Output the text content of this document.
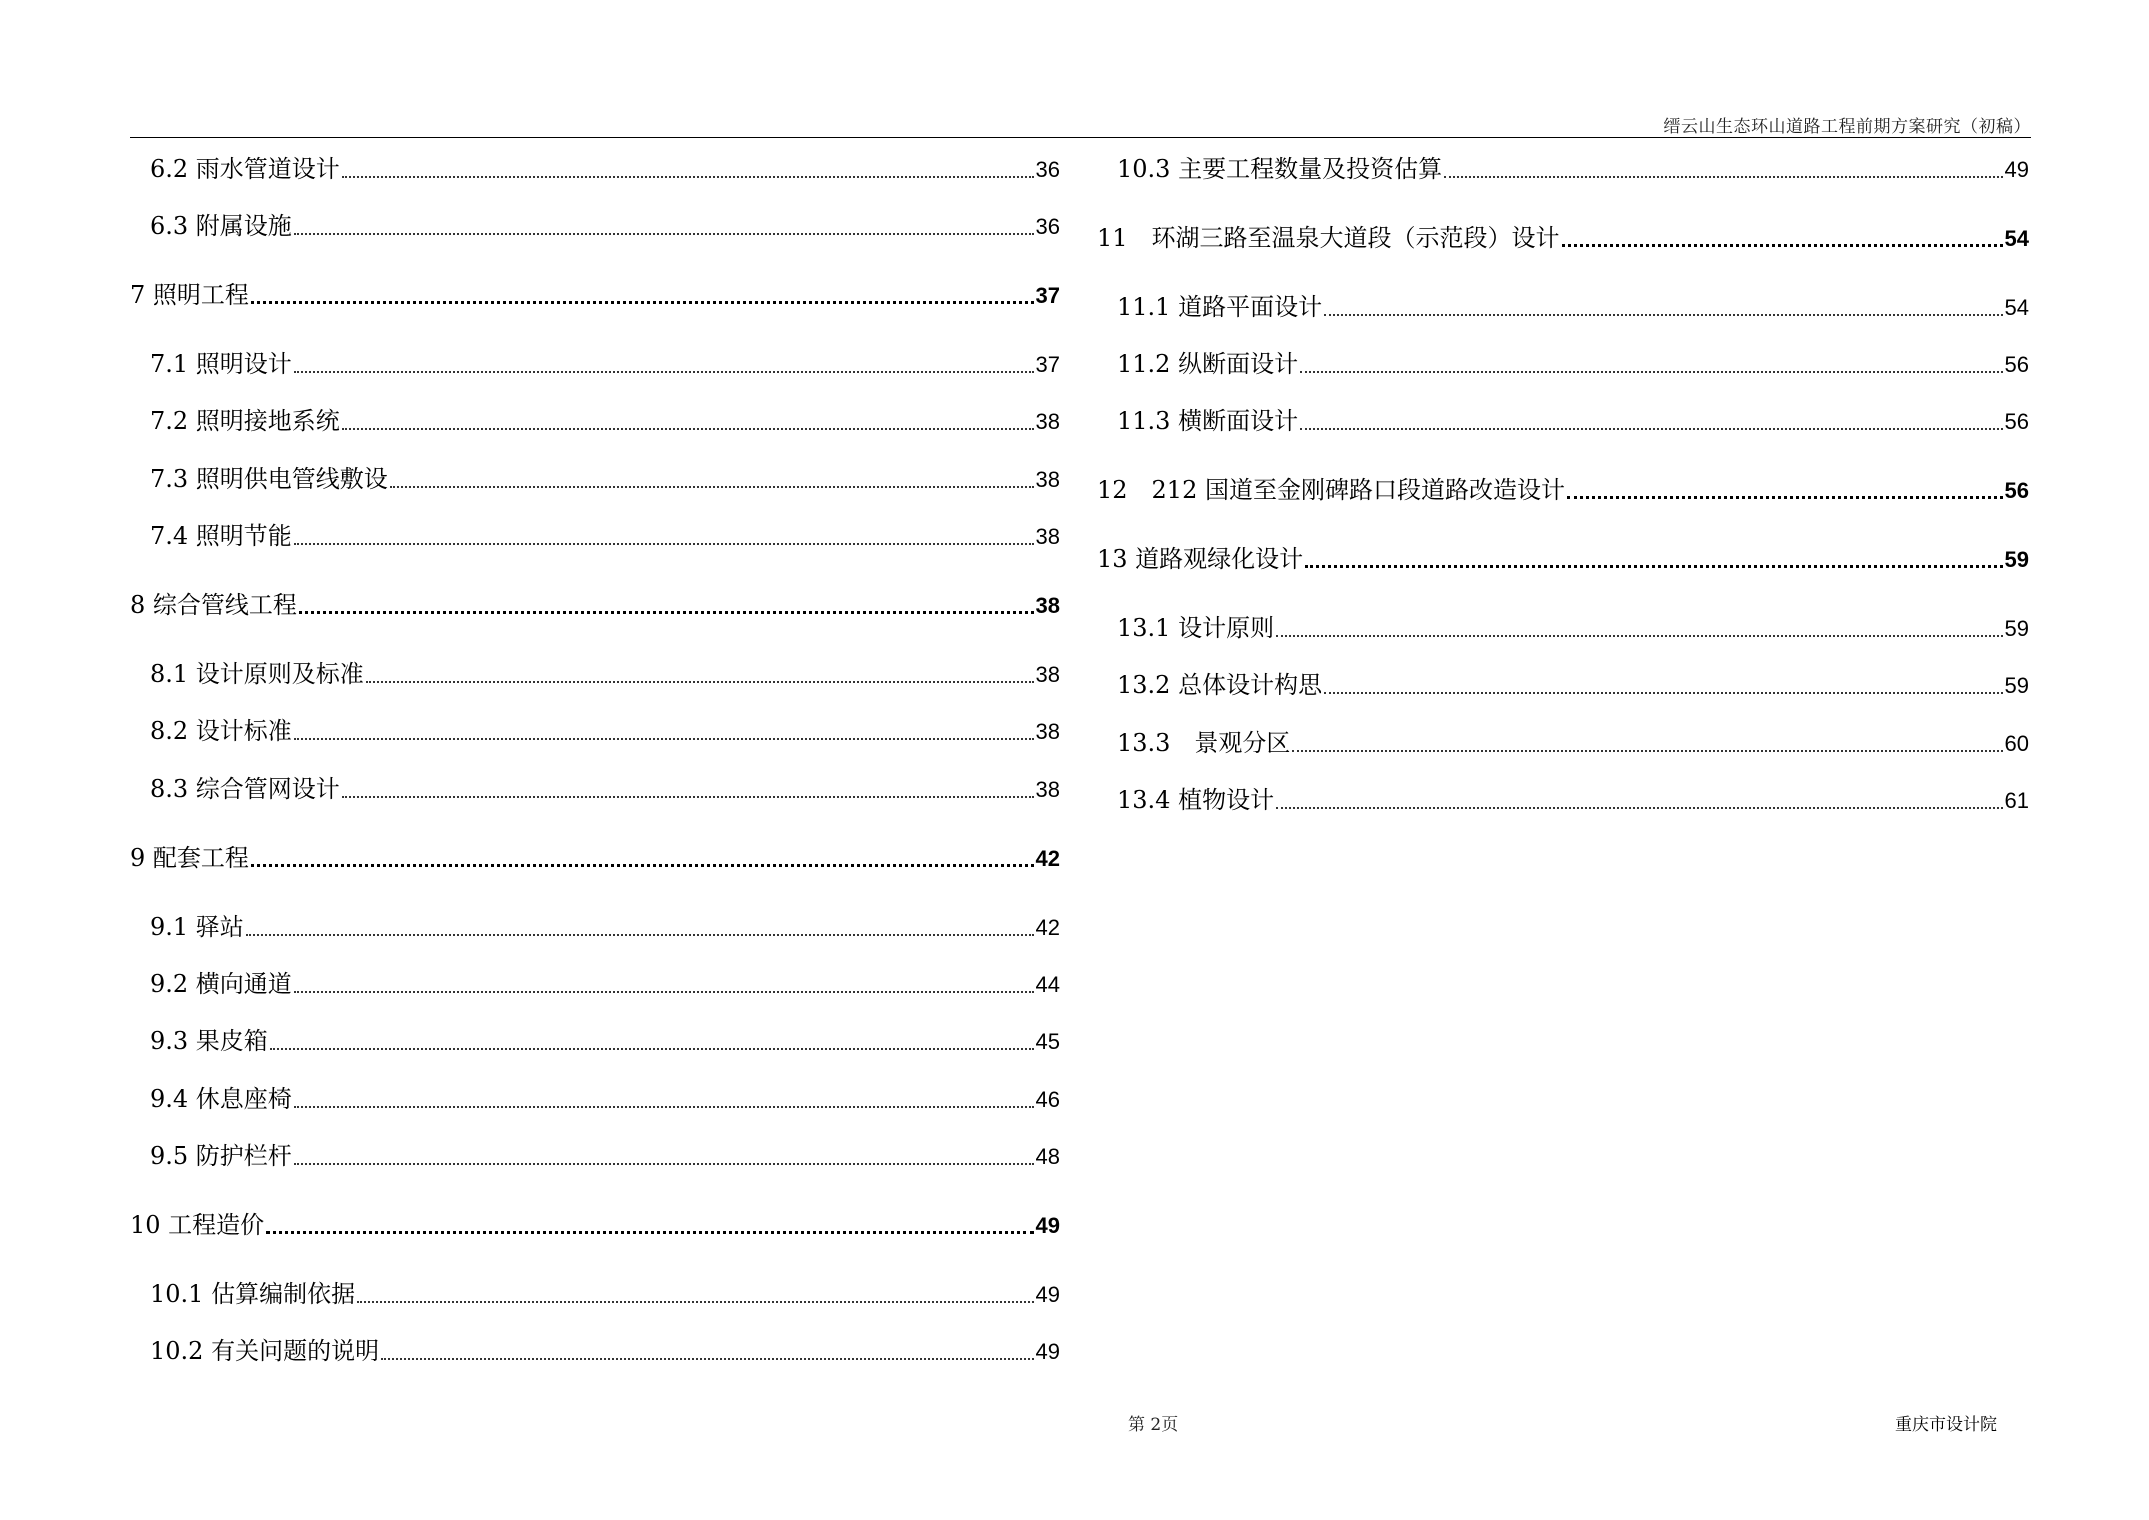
缙云山生态环山道路工程前期方案研究（初稿）
6.2 雨水管道设计	36
6.3 附属设施	36
7 照明工程	37
7.1 照明设计	37
7.2 照明接地系统	38
7.3 照明供电管线敷设	38
7.4 照明节能	38
8 综合管线工程	38
8.1 设计原则及标准	38
8.2 设计标准	38
8.3 综合管网设计	38
9 配套工程	42
9.1 驿站	42
9.2 横向通道	44
9.3 果皮箱	45
9.4 休息座椅	46
9.5 防护栏杆	48
10 工程造价	49
10.1 估算编制依据	49
10.2 有关问题的说明	49
10.3 主要工程数量及投资估算	49
11　环湖三路至温泉大道段（示范段）设计	54
11.1 道路平面设计	54
11.2 纵断面设计	56
11.3 横断面设计	56
12　212 国道至金刚碑路口段道路改造设计	56
13 道路观绿化设计	59
13.1 设计原则	59
13.2 总体设计构思	59
13.3　景观分区	60
13.4 植物设计	61
第 2页	重庆市设计院
